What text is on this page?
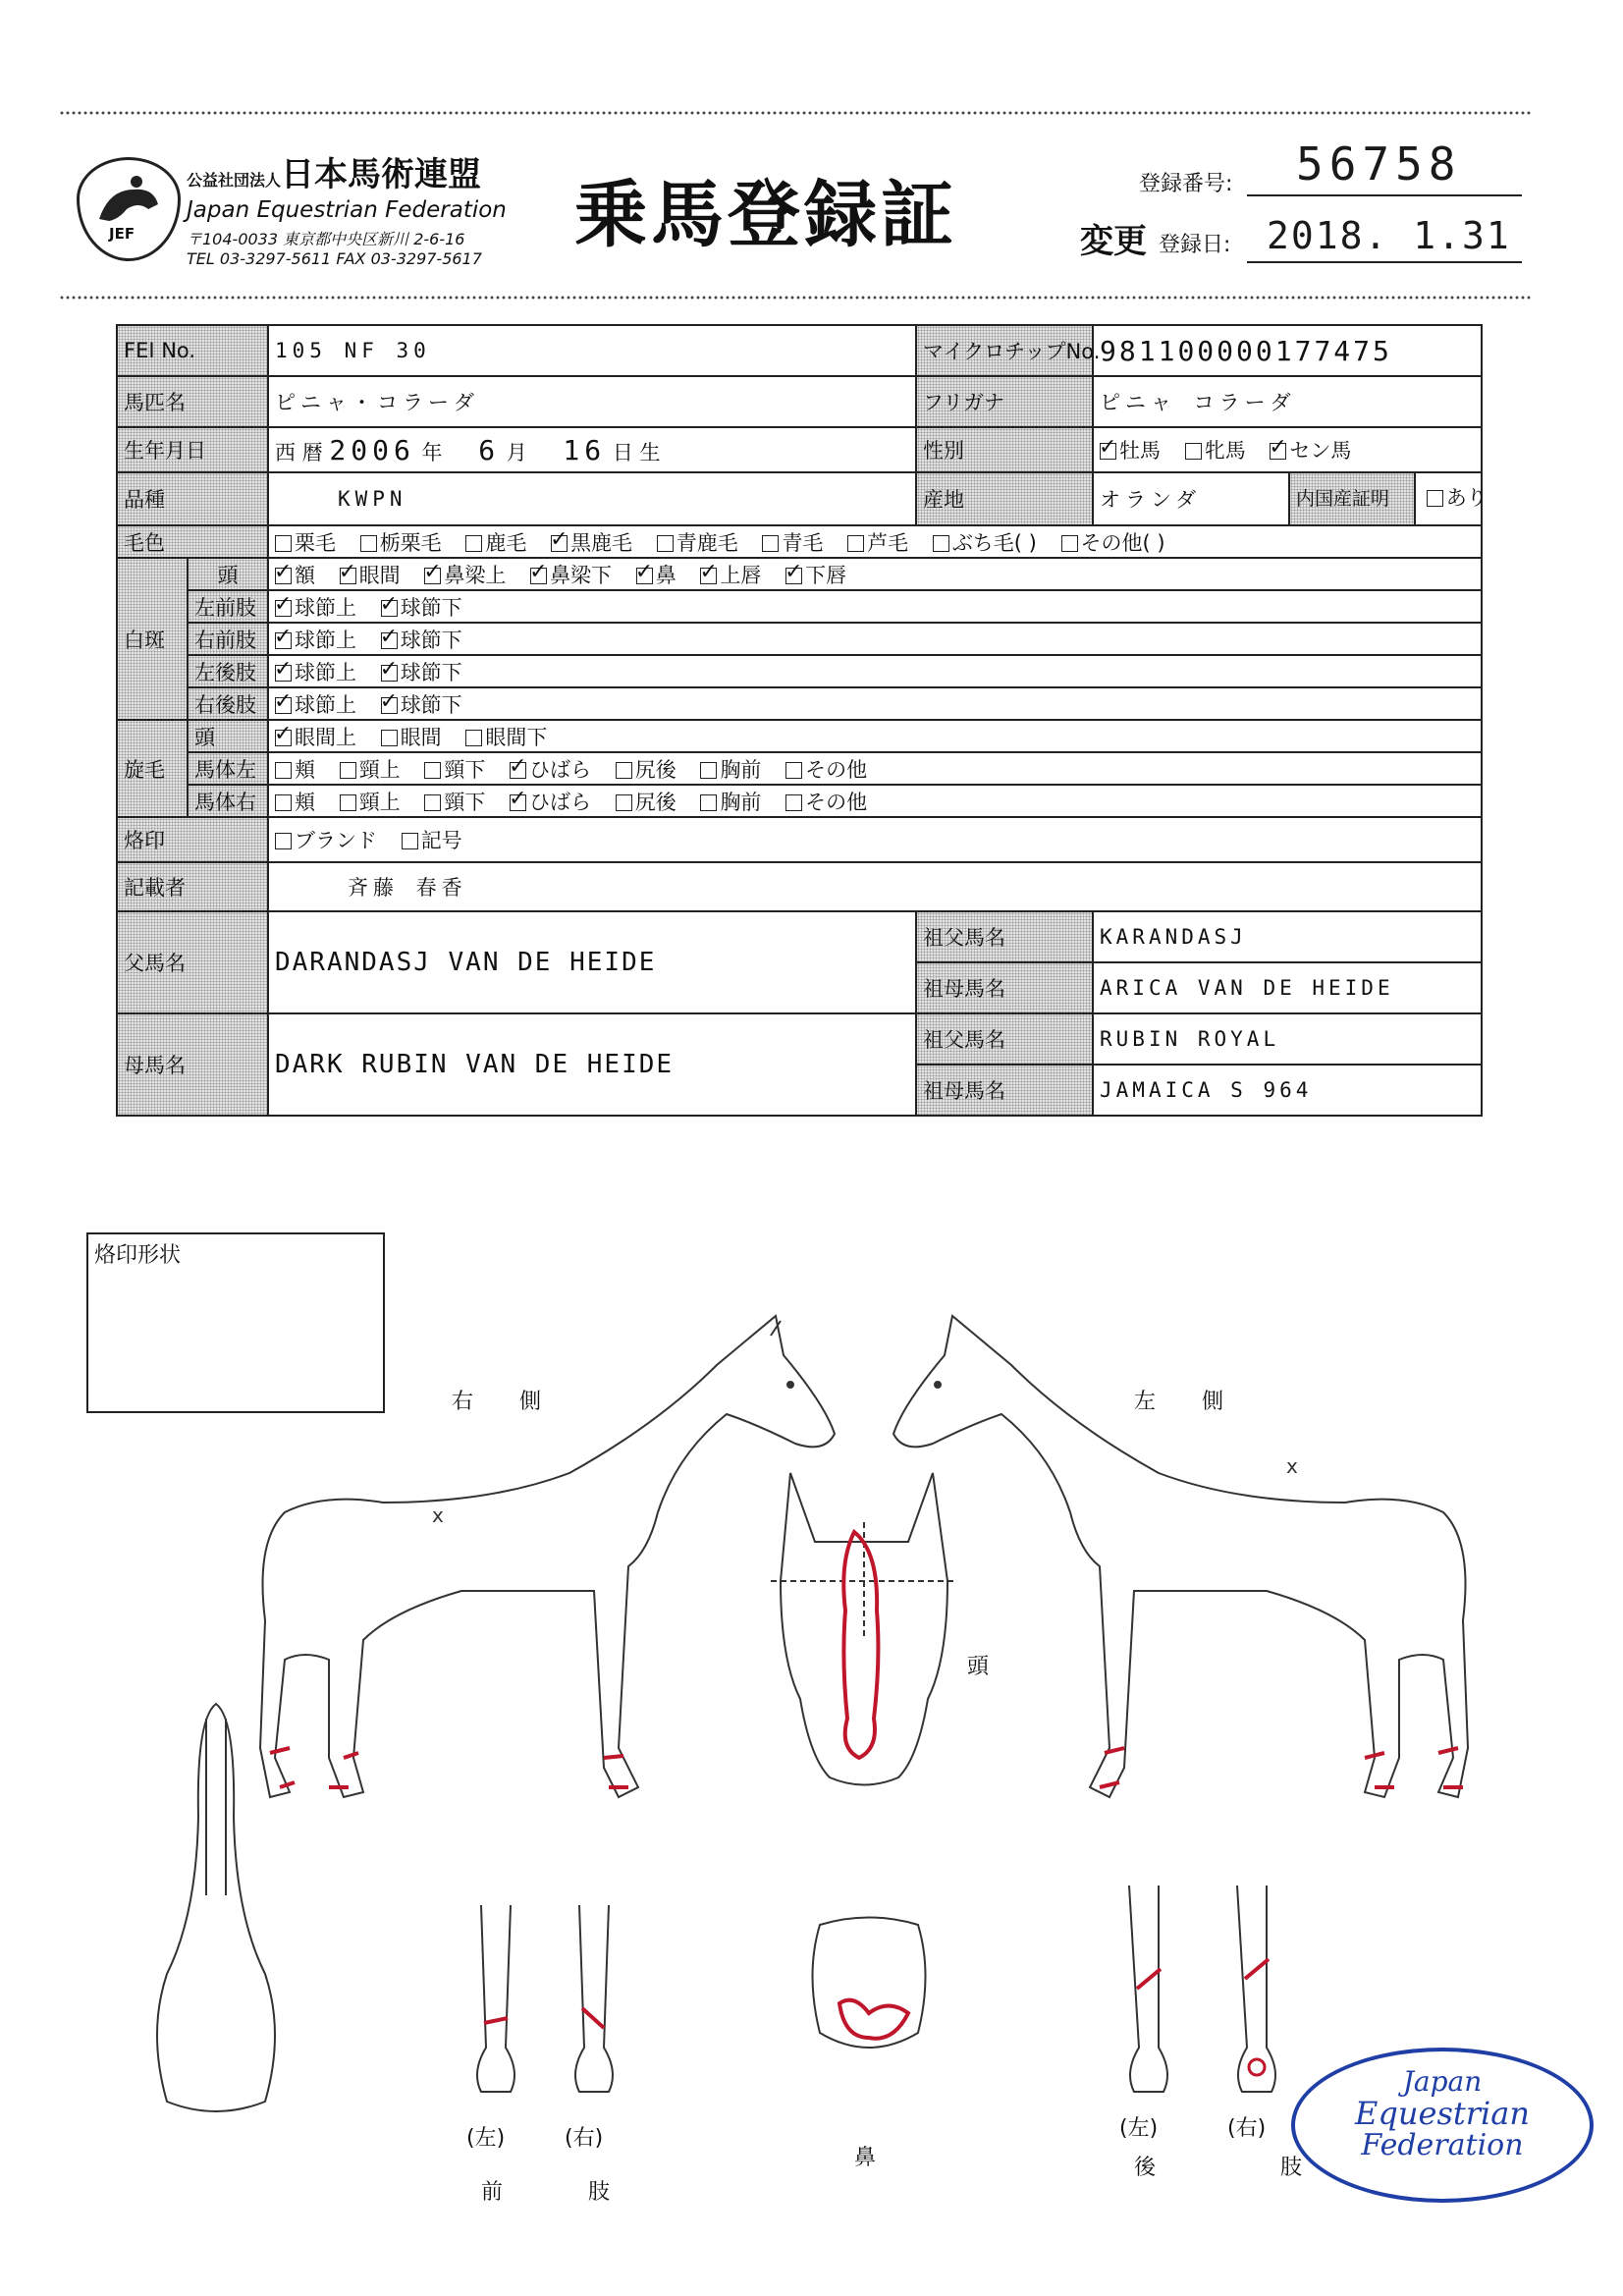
JEF
公益社団法人日本馬術連盟
Japan Equestrian Federation
〒104-0033 東京都中央区新川 2-6-16
TEL 03-3297-5611 FAX 03-3297-5617
乗馬登録証	登録番号: 56758
変更 登録日: 2018. 1.31
FEI No.		105 NF 30	マイクロチップNo.	981100000177475	
馬匹名		ピニャ・コラーダ	フリガナ	ピニャ コラーダ	
生年月日		西 暦 2006 年 6 月 16 日 生	性別	✓牡馬 牝馬 ✓ セン馬
品種		KWPN	産地	オランダ	内国産証明 あり
毛色		栗毛 栃栗毛 鹿毛 ✓ 黒鹿毛 青鹿毛 青毛 芦毛 ぶち毛( ) その他( )
白斑	頭	✓額 ✓ 眼間 ✓ 鼻梁上 ✓ 鼻梁下 ✓ 鼻 ✓ 上唇 ✓ 下唇
	左前肢	✓球節上 ✓ 球節下
	右前肢	✓球節上 ✓ 球節下
	左後肢	✓球節上 ✓ 球節下
	右後肢	✓球節上 ✓ 球節下
旋毛	頭	✓眼間上 眼間 眼間下
	馬体左	頬 頸上 頸下 ✓ ひばら 尻後 胸前 その他
	馬体右	頬 頸上 頸下 ✓ ひばら 尻後 胸前 その他
烙印		ブランド 記号			
記載者		斉藤 春香			
父馬名		DARANDASJ VAN DE HEIDE	祖父馬名	KARANDASJ	
			祖母馬名	ARICA VAN DE HEIDE	
母馬名		DARK RUBIN VAN DE HEIDE	祖父馬名	RUBIN ROYAL	
			祖母馬名	JAMAICA S 964	
烙印形状
右 側	左 側
頭
x
x
鼻
(左)	(右)
前 肢
(左)	(右)
後 肢
Japan
Equestrian
Federation
